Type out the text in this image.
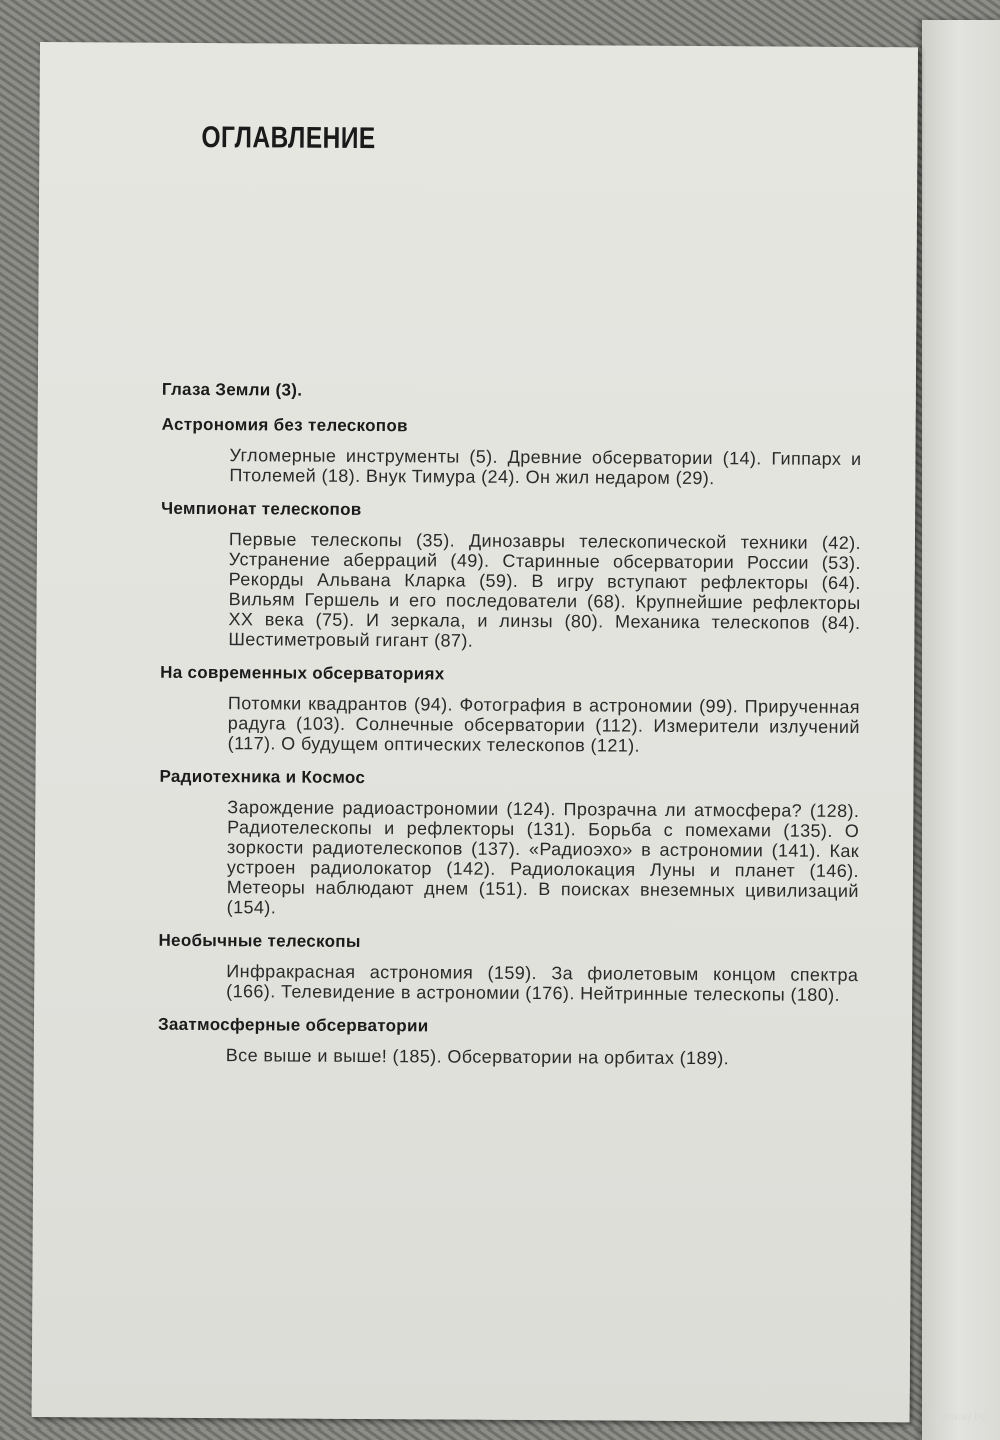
ОГЛАВЛЕНИЕ
Глаза Земли (3).
Астрономия без телескопов
Угломерные инструменты (5). Древние обсерватории (14). Гиппарх и Птолемей (18). Внук Тимура (24). Он жил недаром (29).
Чемпионат телескопов
Первые телескопы (35). Динозавры телескопической техники (42). Устранение аберраций (49). Старинные обсерватории России (53). Рекорды Альвана Кларка (59). В игру вступают рефлекторы (64). Вильям Гершель и его последователи (68). Крупнейшие рефлекторы XX века (75). И зеркала, и линзы (80). Механика телескопов (84). Шестиметровый гигант (87).
На современных обсерваториях
Потомки квадрантов (94). Фотография в астрономии (99). Прирученная радуга (103). Солнечные обсерватории (112). Измерители излучений (117). О будущем оптических телескопов (121).
Радиотехника и Космос
Зарождение радиоастрономии (124). Прозрачна ли атмосфера? (128). Радиотелескопы и рефлекторы (131). Борьба с помехами (135). О зоркости радиотелескопов (137). «Радиоэхо» в астрономии (141). Как устроен радиолокатор (142). Радиолокация Луны и планет (146). Метеоры наблюдают днем (151). В поисках внеземных цивилизаций (154).
Необычные телескопы
Инфракрасная астрономия (159). За фиолетовым концом спектра (166). Телевидение в астрономии (176). Нейтринные телескопы (180).
Заатмосферные обсерватории
Все выше и выше! (185). Обсерватории на орбитах (189).
www.ay.by
